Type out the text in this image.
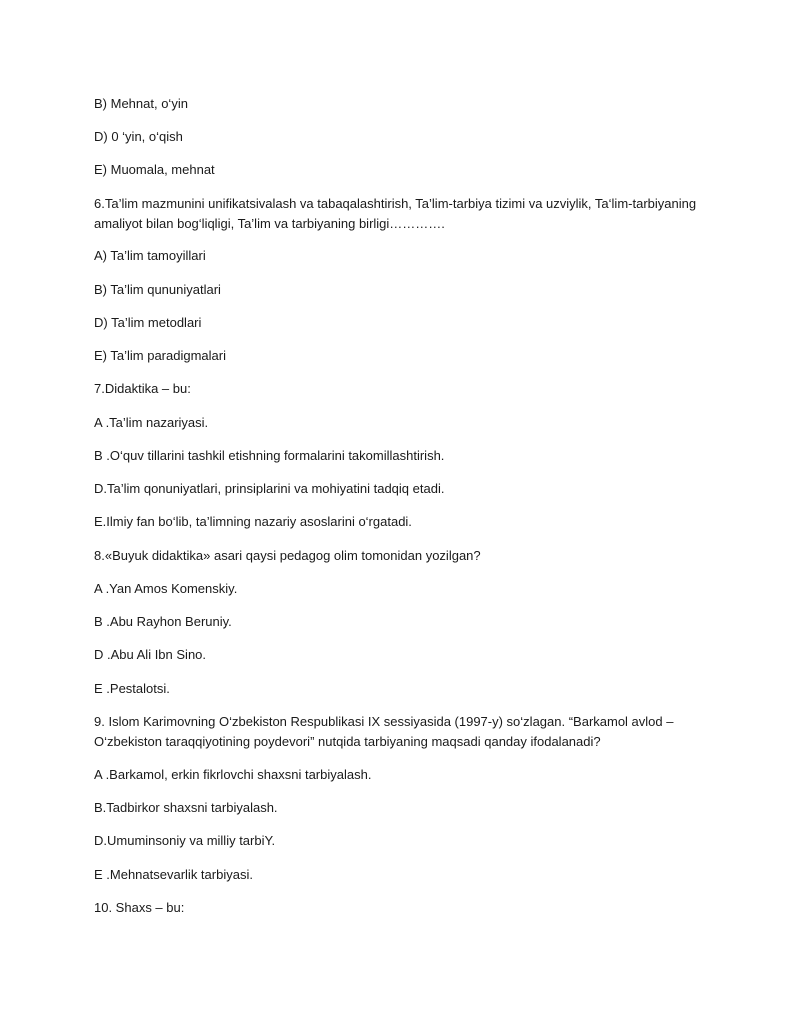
B) Mehnat, o‘yin
D) 0 ‘yin, o‘qish
E) Muomala, mehnat
6.Ta’lim mazmunini unifikatsivalash va tabaqalashtirish, Ta’lim-tarbiya tizimi va uzviylik, Ta‘lim-tarbiyaning amaliyot bilan bog‘liqligi, Ta’lim va tarbiyaning birligi………….
A) Ta’lim tamoyillari
B) Ta’lim qununiyatlari
D) Ta’lim metodlari
E) Ta’lim paradigmalari
7.Didaktika – bu:
A .Ta’lim nazariyasi.
B .O‘quv tillarini tashkil etishning formalarini takomillashtirish.
D.Ta’lim qonuniyatlari, prinsiplarini va mohiyatini tadqiq etadi.
E.Ilmiy fan bo‘lib, ta’limning nazariy asoslarini o‘rgatadi.
8.«Buyuk didaktika» asari qaysi pedagog olim tomonidan yozilgan?
A .Yan Amos Komenskiy.
B .Abu Rayhon Beruniy.
D .Abu Ali Ibn Sino.
E .Pestalotsi.
9. Islom Karimovning O‘zbekiston Respublikasi IX sessiyasida (1997-y) so‘zlagan. “Barkamol avlod – O‘zbekiston taraqqiyotining poydevori” nutqida tarbiyaning maqsadi qanday ifodalanadi?
A .Barkamol, erkin fikrlovchi shaxsni tarbiyalash.
B.Tadbirkor shaxsni tarbiyalash.
D.Umuminsoniy va milliy tarbiY.
E .Mehnatsevarlik tarbiyasi.
10. Shaxs – bu:
